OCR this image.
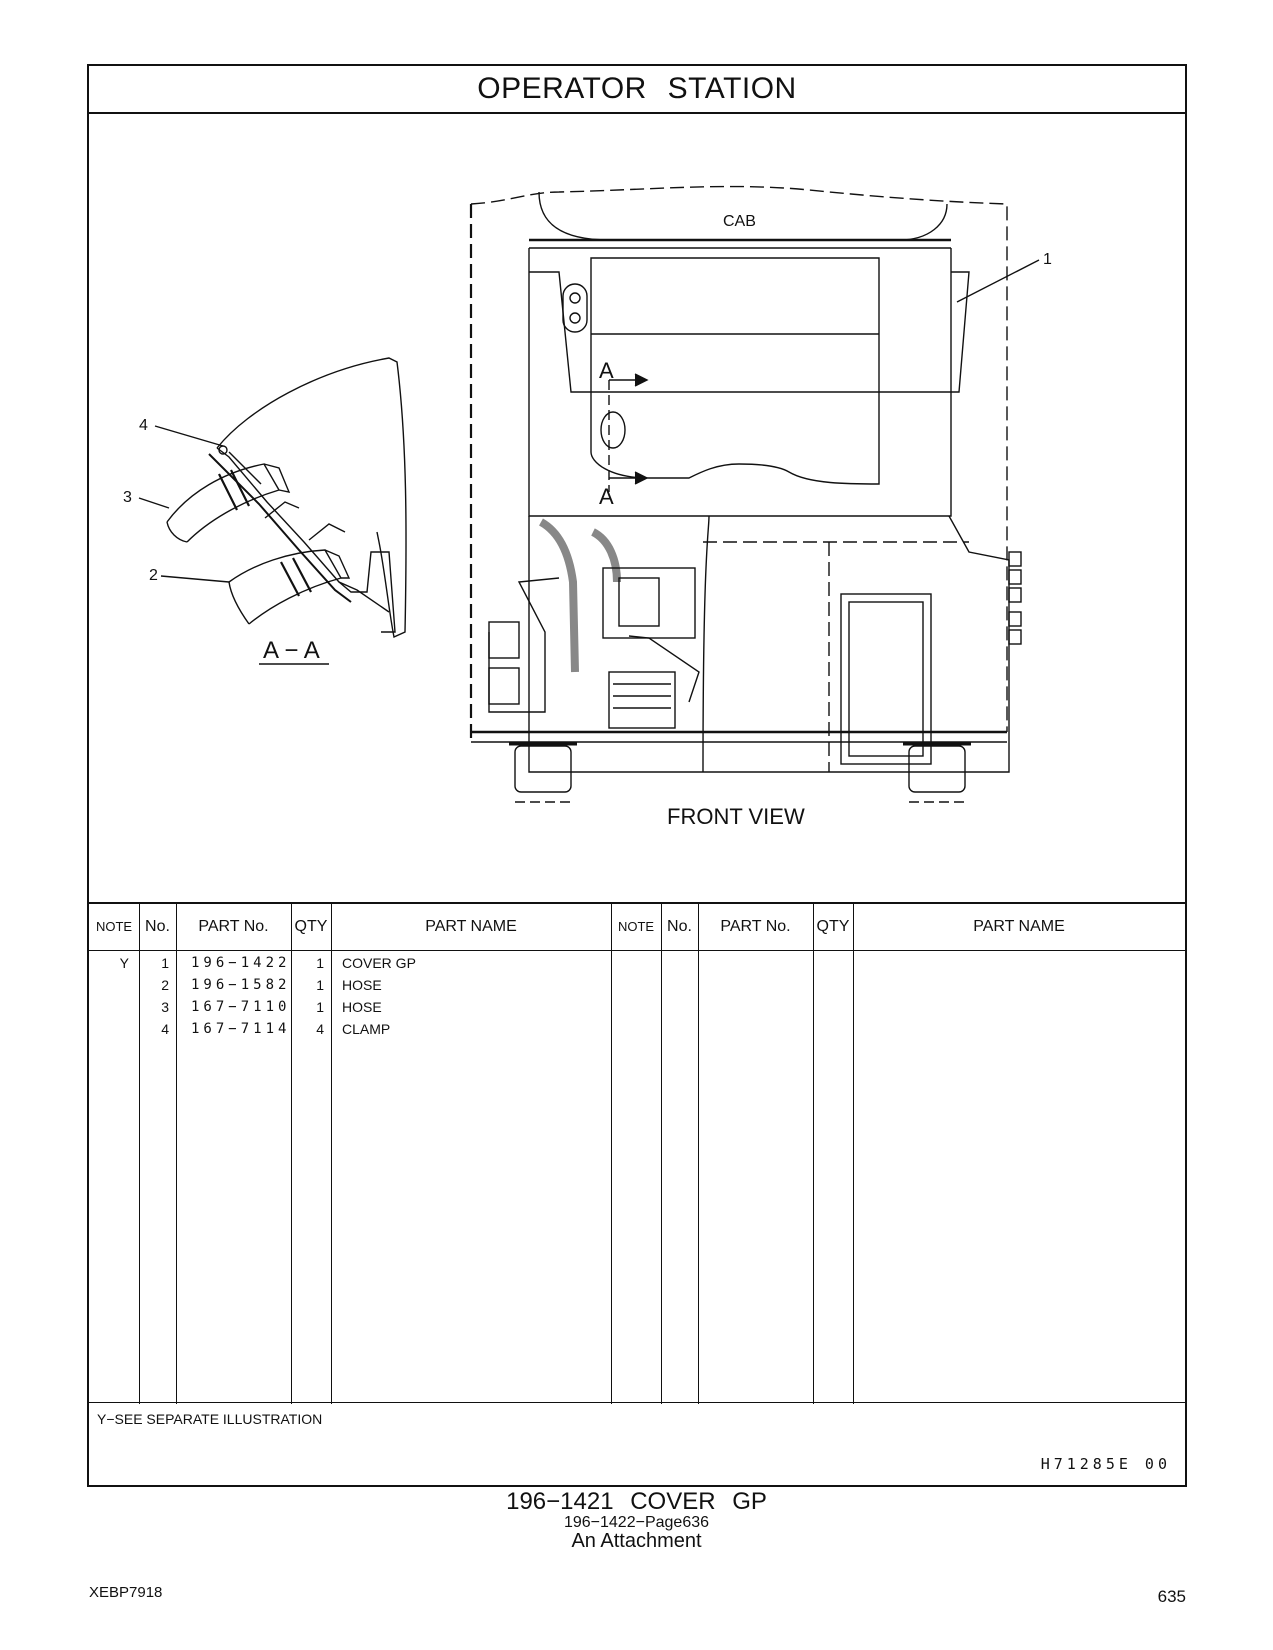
OPERATOR STATION
4
3
2
1
CAB
A
A
A − A
FRONT VIEW
NOTE No.	PART No.	QTY	PART NAME	NOTE No.	PART No.	QTY	PART NAME
Y	1 196−1422	1 COVER GP
2 196−1582	1 HOSE
3 167−7110	1 HOSE
4 167−7114	4 CLAMP
Y−SEE SEPARATE ILLUSTRATION
H71285E 00
196−1421 COVER GP
196−1422−Page636
An Attachment
XEBP7918	635
